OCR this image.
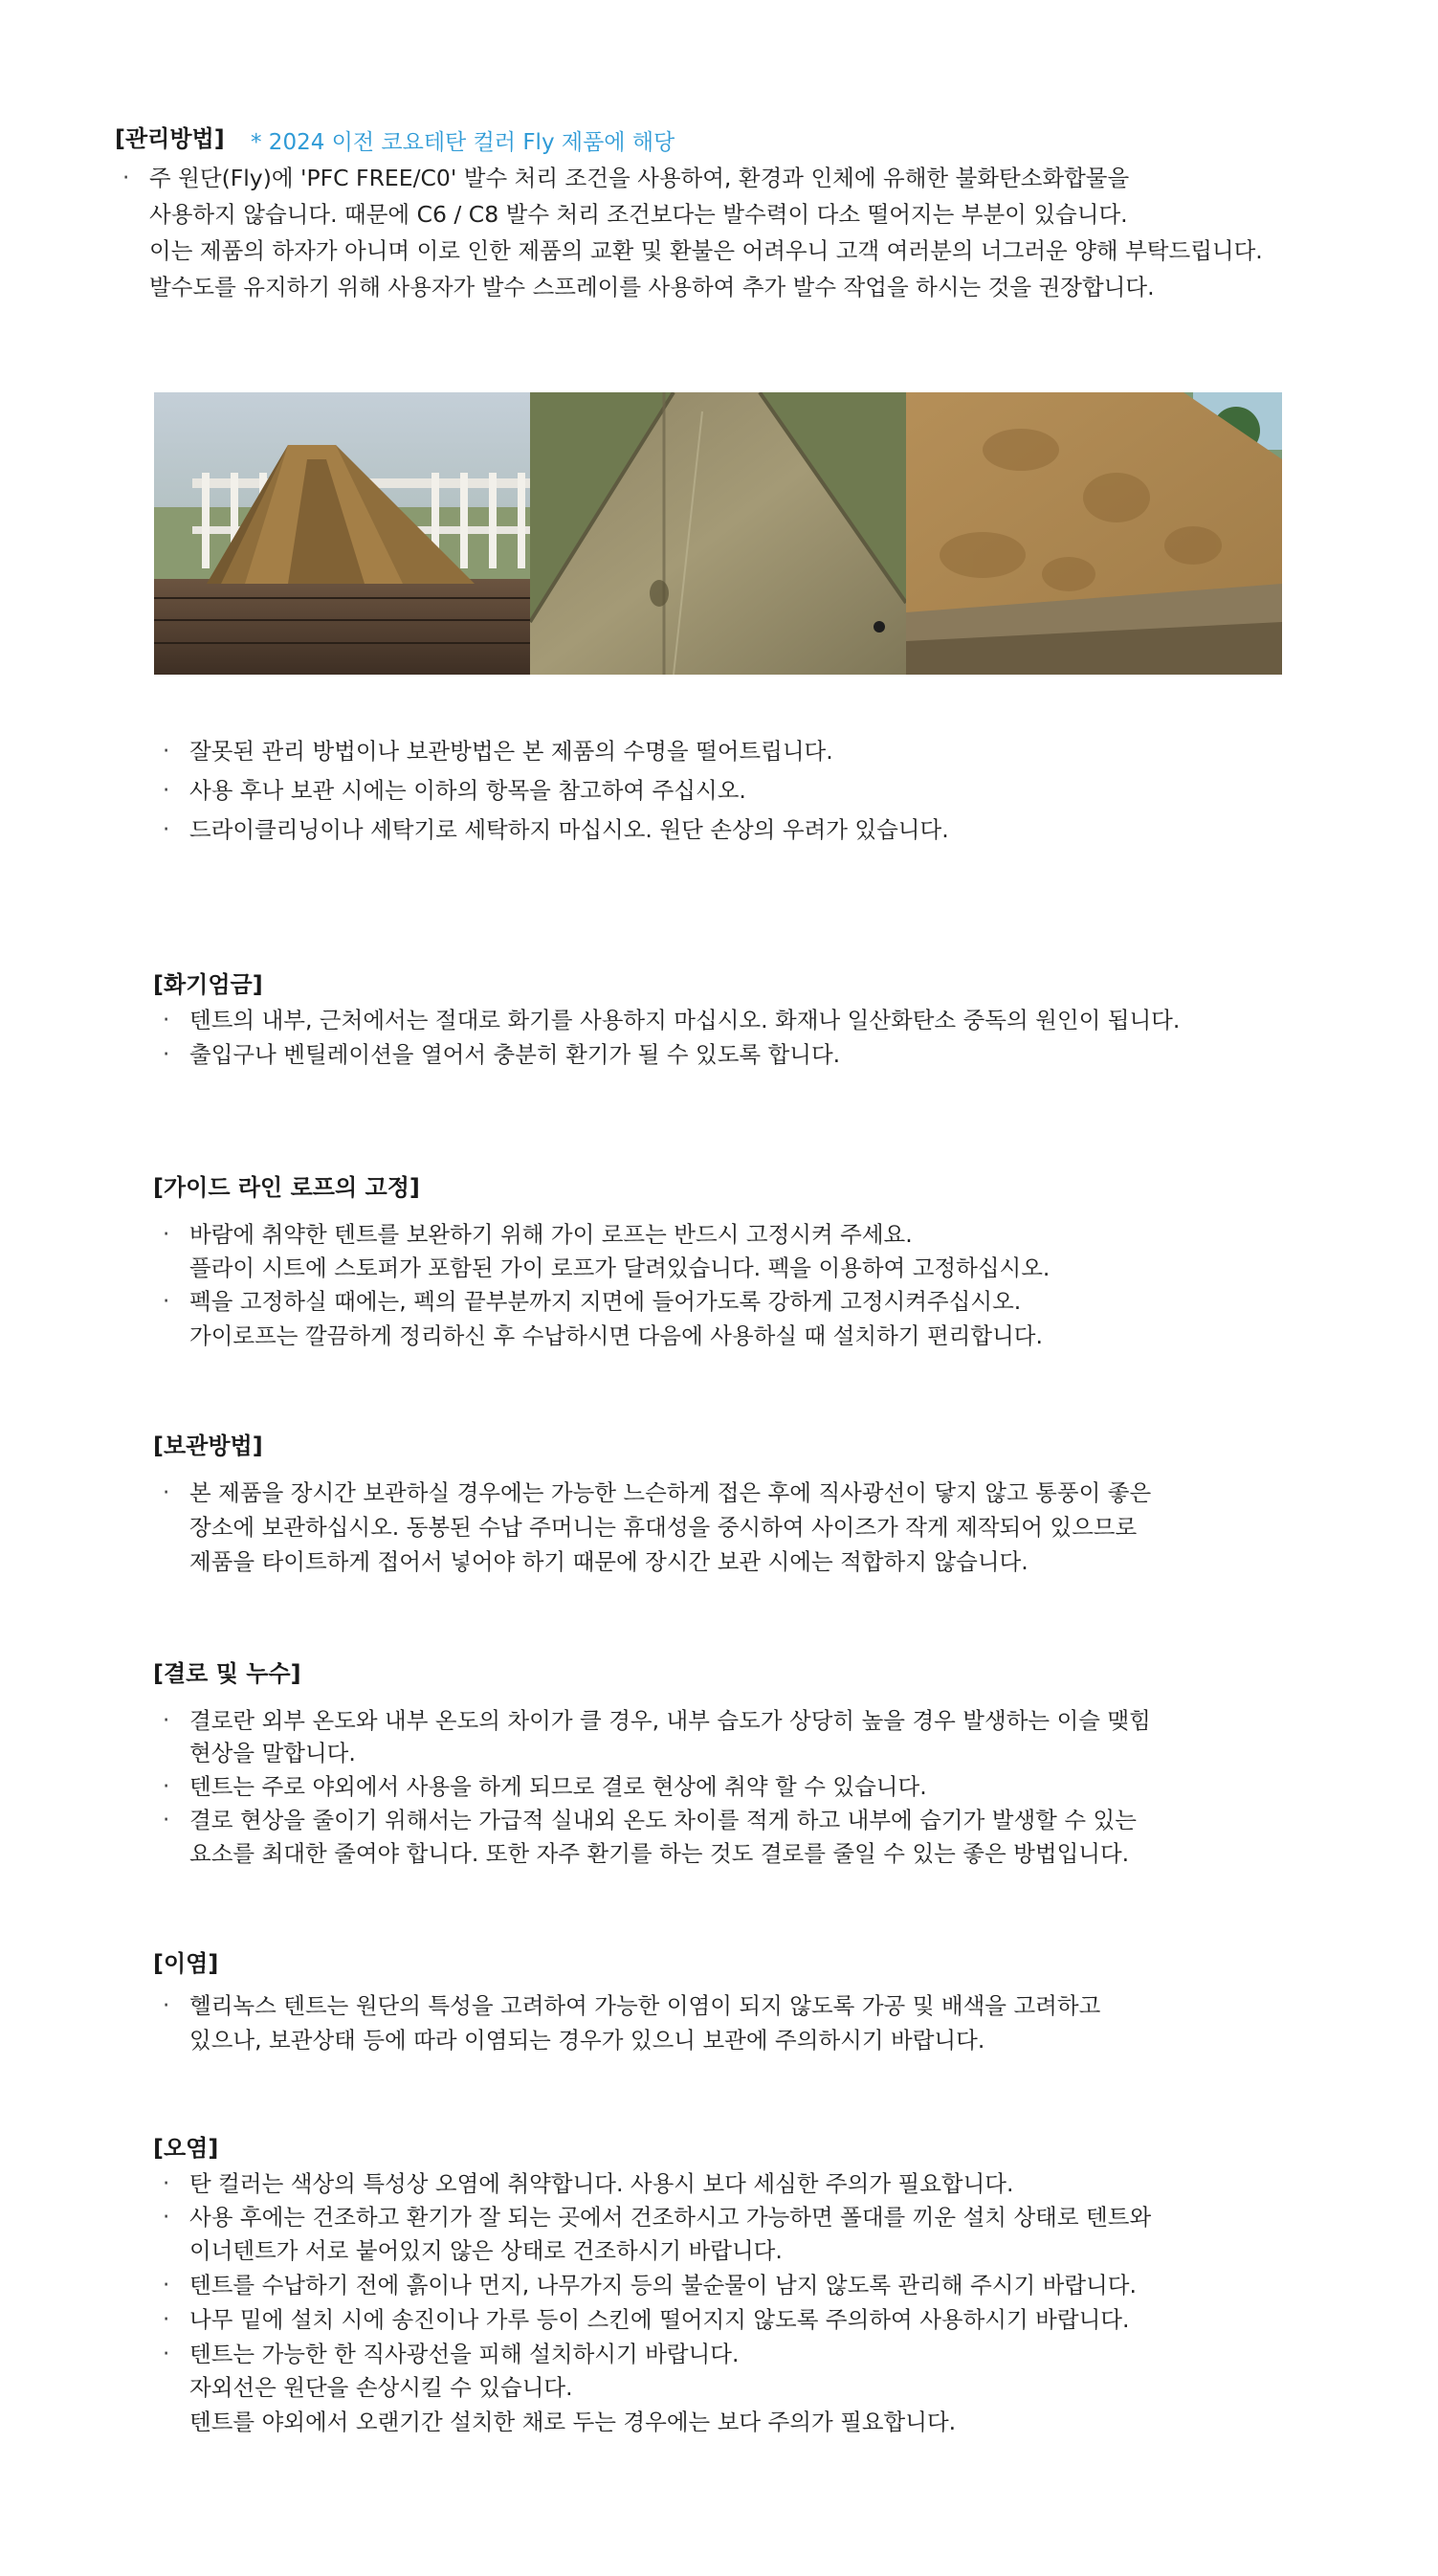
[관리방법] * 2024 이전 코요테탄 컬러 Fly 제품에 해당
· 주 원단(Fly)에 'PFC FREE/C0' 발수 처리 조건을 사용하여, 환경과 인체에 유해한 불화탄소화합물을
사용하지 않습니다. 때문에 C6 / C8 발수 처리 조건보다는 발수력이 다소 떨어지는 부분이 있습니다.
이는 제품의 하자가 아니며 이로 인한 제품의 교환 및 환불은 어려우니 고객 여러분의 너그러운 양해 부탁드립니다.
발수도를 유지하기 위해 사용자가 발수 스프레이를 사용하여 추가 발수 작업을 하시는 것을 권장합니다.
· 잘못된 관리 방법이나 보관방법은 본 제품의 수명을 떨어트립니다.
· 사용 후나 보관 시에는 이하의 항목을 참고하여 주십시오.
· 드라이클리닝이나 세탁기로 세탁하지 마십시오. 원단 손상의 우려가 있습니다.
[화기엄금]
· 텐트의 내부, 근처에서는 절대로 화기를 사용하지 마십시오. 화재나 일산화탄소 중독의 원인이 됩니다.
· 출입구나 벤틸레이션을 열어서 충분히 환기가 될 수 있도록 합니다.
[가이드 라인 로프의 고정]
· 바람에 취약한 텐트를 보완하기 위해 가이 로프는 반드시 고정시켜 주세요.
플라이 시트에 스토퍼가 포함된 가이 로프가 달려있습니다. 펙을 이용하여 고정하십시오.
· 펙을 고정하실 때에는, 펙의 끝부분까지 지면에 들어가도록 강하게 고정시켜주십시오.
가이로프는 깔끔하게 정리하신 후 수납하시면 다음에 사용하실 때 설치하기 편리합니다.
[보관방법]
· 본 제품을 장시간 보관하실 경우에는 가능한 느슨하게 접은 후에 직사광선이 닿지 않고 통풍이 좋은
장소에 보관하십시오. 동봉된 수납 주머니는 휴대성을 중시하여 사이즈가 작게 제작되어 있으므로
제품을 타이트하게 접어서 넣어야 하기 때문에 장시간 보관 시에는 적합하지 않습니다.
[결로 및 누수]
· 결로란 외부 온도와 내부 온도의 차이가 클 경우, 내부 습도가 상당히 높을 경우 발생하는 이슬 맺힘
현상을 말합니다.
· 텐트는 주로 야외에서 사용을 하게 되므로 결로 현상에 취약 할 수 있습니다.
· 결로 현상을 줄이기 위해서는 가급적 실내외 온도 차이를 적게 하고 내부에 습기가 발생할 수 있는
요소를 최대한 줄여야 합니다. 또한 자주 환기를 하는 것도 결로를 줄일 수 있는 좋은 방법입니다.
[이염]
· 헬리녹스 텐트는 원단의 특성을 고려하여 가능한 이염이 되지 않도록 가공 및 배색을 고려하고
있으나, 보관상태 등에 따라 이염되는 경우가 있으니 보관에 주의하시기 바랍니다.
[오염]
· 탄 컬러는 색상의 특성상 오염에 취약합니다. 사용시 보다 세심한 주의가 필요합니다.
· 사용 후에는 건조하고 환기가 잘 되는 곳에서 건조하시고 가능하면 폴대를 끼운 설치 상태로 텐트와
이너텐트가 서로 붙어있지 않은 상태로 건조하시기 바랍니다.
· 텐트를 수납하기 전에 흙이나 먼지, 나무가지 등의 불순물이 남지 않도록 관리해 주시기 바랍니다.
· 나무 밑에 설치 시에 송진이나 가루 등이 스킨에 떨어지지 않도록 주의하여 사용하시기 바랍니다.
· 텐트는 가능한 한 직사광선을 피해 설치하시기 바랍니다.
자외선은 원단을 손상시킬 수 있습니다.
텐트를 야외에서 오랜기간 설치한 채로 두는 경우에는 보다 주의가 필요합니다.
